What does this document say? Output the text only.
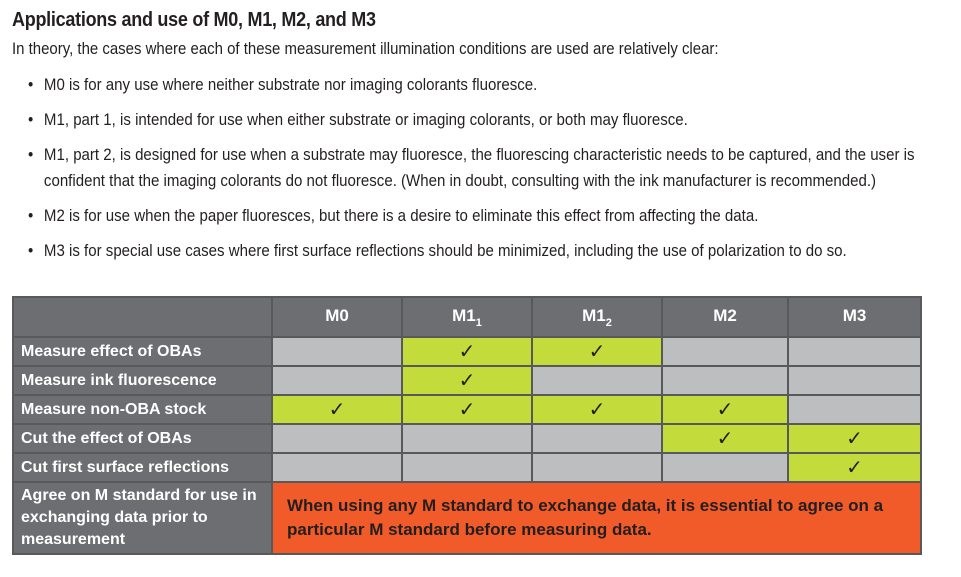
Applications and use of M0, M1, M2, and M3
In theory, the cases where each of these measurement illumination conditions are used are relatively clear:
• M0 is for any use where neither substrate nor imaging colorants fluoresce.
• M1, part 1, is intended for use when either substrate or imaging colorants, or both may fluoresce.
• M1, part 2, is designed for use when a substrate may fluoresce, the fluorescing characteristic needs to be captured, and the user is confident that the imaging colorants do not fluoresce. (When in doubt, consulting with the ink manufacturer is recommended.)
• M2 is for use when the paper fluoresces, but there is a desire to eliminate this effect from affecting the data.
• M3 is for special use cases where first surface reflections should be minimized, including the use of polarization to do so.
	M0	$M1_1$	$M1_2$	M2	M3
Measure effect of OBAs		✓	✓		
Measure ink fluorescence		✓			
Measure non-OBA stock	✓	✓	✓	✓	
Cut the effect of OBAs				✓	✓
Cut first surface reflections					✓
Agree on M standard for use in exchanging data prior to measurement	When using any M standard to exchange data, it is essential to agree on a particular M standard before measuring data.				
